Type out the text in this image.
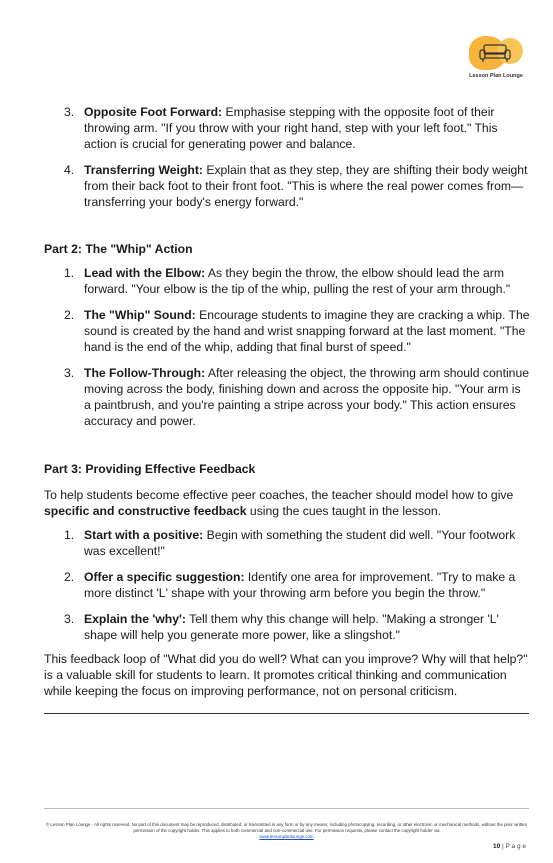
Lesson Plan Lounge
3. Opposite Foot Forward: Emphasise stepping with the opposite foot of their throwing arm. "If you throw with your right hand, step with your left foot." This action is crucial for generating power and balance.
4. Transferring Weight: Explain that as they step, they are shifting their body weight from their back foot to their front foot. "This is where the real power comes from—transferring your body's energy forward."

Part 2: The "Whip" Action

1. Lead with the Elbow: As they begin the throw, the elbow should lead the arm forward. "Your elbow is the tip of the whip, pulling the rest of your arm through."
2. The "Whip" Sound: Encourage students to imagine they are cracking a whip. The sound is created by the hand and wrist snapping forward at the last moment. "The hand is the end of the whip, adding that final burst of speed."
3. The Follow-Through: After releasing the object, the throwing arm should continue moving across the body, finishing down and across the opposite hip. "Your arm is a paintbrush, and you're painting a stripe across your body." This action ensures accuracy and power.

Part 3: Providing Effective Feedback

To help students become effective peer coaches, the teacher should model how to give specific and constructive feedback using the cues taught in the lesson.

1. Start with a positive: Begin with something the student did well. "Your footwork was excellent!"
2. Offer a specific suggestion: Identify one area for improvement. "Try to make a more distinct 'L' shape with your throwing arm before you begin the throw."
3. Explain the 'why': Tell them why this change will help. "Making a stronger 'L' shape will help you generate more power, like a slingshot."

This feedback loop of "What did you do well? What can you improve? Why will that help?" is a valuable skill for students to learn. It promotes critical thinking and communication while keeping the focus on improving performance, not on personal criticism.

© Lesson Plan Lounge - All rights reserved. No part of this document may be reproduced, distributed, or transmitted in any form or by any means, including photocopying, recording, or other electronic or mechanical methods, without the prior written permission of the copyright holder. This applies to both commercial and non-commercial use. For permission requests, please contact the copyright holder via
www.lessonplanlounge.com
10 | P a g e
